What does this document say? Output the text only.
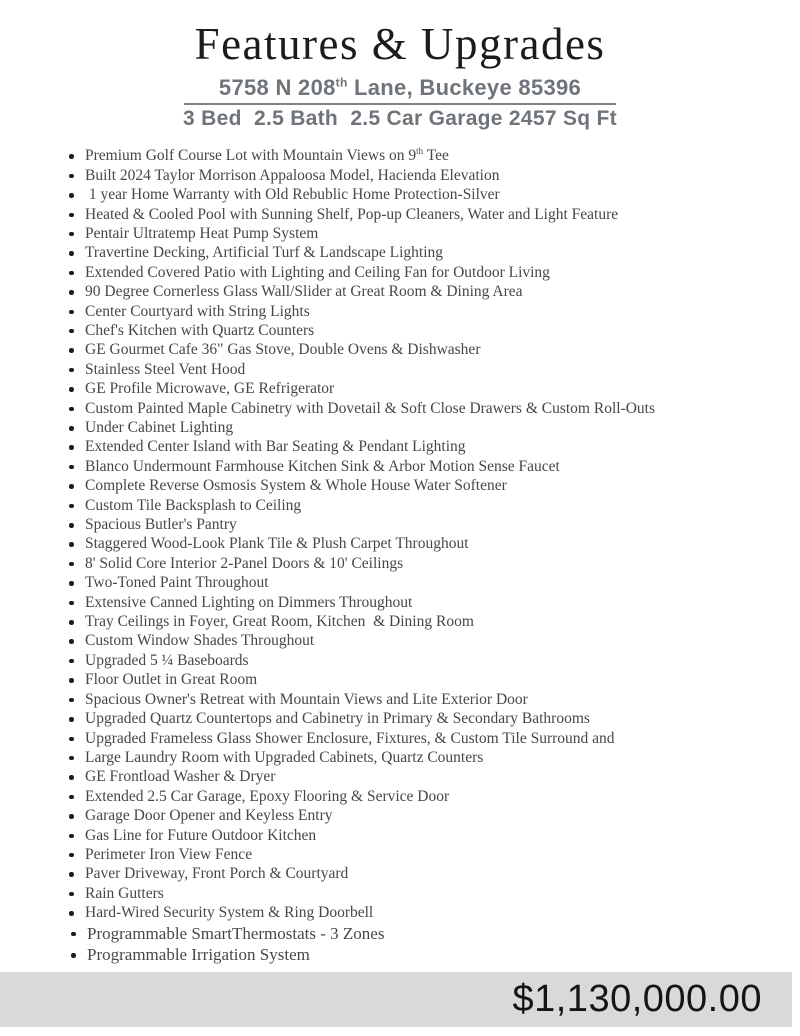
Features & Upgrades
5758 N 208th Lane, Buckeye 85396
3 Bed  2.5 Bath  2.5 Car Garage 2457 Sq Ft
Premium Golf Course Lot with Mountain Views on 9th Tee
Built 2024 Taylor Morrison Appaloosa Model, Hacienda Elevation
1 year Home Warranty with Old Rebublic Home Protection-Silver
Heated & Cooled Pool with Sunning Shelf, Pop-up Cleaners, Water and Light Feature
Pentair Ultratemp Heat Pump System
Travertine Decking, Artificial Turf & Landscape Lighting
Extended Covered Patio with Lighting and Ceiling Fan for Outdoor Living
90 Degree Cornerless Glass Wall/Slider at Great Room & Dining Area
Center Courtyard with String Lights
Chef's Kitchen with Quartz Counters
GE Gourmet Cafe 36" Gas Stove, Double Ovens & Dishwasher
Stainless Steel Vent Hood
GE Profile Microwave, GE Refrigerator
Custom Painted Maple Cabinetry with Dovetail & Soft Close Drawers & Custom Roll-Outs
Under Cabinet Lighting
Extended Center Island with Bar Seating & Pendant Lighting
Blanco Undermount Farmhouse Kitchen Sink & Arbor Motion Sense Faucet
Complete Reverse Osmosis System & Whole House Water Softener
Custom Tile Backsplash to Ceiling
Spacious Butler's Pantry
Staggered Wood-Look Plank Tile & Plush Carpet Throughout
8' Solid Core Interior 2-Panel Doors & 10' Ceilings
Two-Toned Paint Throughout
Extensive Canned Lighting on Dimmers Throughout
Tray Ceilings in Foyer, Great Room, Kitchen  & Dining Room
Custom Window Shades Throughout
Upgraded 5 ¼ Baseboards
Floor Outlet in Great Room
Spacious Owner's Retreat with Mountain Views and Lite Exterior Door
Upgraded Quartz Countertops and Cabinetry in Primary & Secondary Bathrooms
Upgraded Frameless Glass Shower Enclosure, Fixtures, & Custom Tile Surround and
Large Laundry Room with Upgraded Cabinets, Quartz Counters
GE Frontload Washer & Dryer
Extended 2.5 Car Garage, Epoxy Flooring & Service Door
Garage Door Opener and Keyless Entry
Gas Line for Future Outdoor Kitchen
Perimeter Iron View Fence
Paver Driveway, Front Porch & Courtyard
Rain Gutters
Hard-Wired Security System & Ring Doorbell
Programmable SmartThermostats - 3 Zones
Programmable Irrigation System
$1,130,000.00
